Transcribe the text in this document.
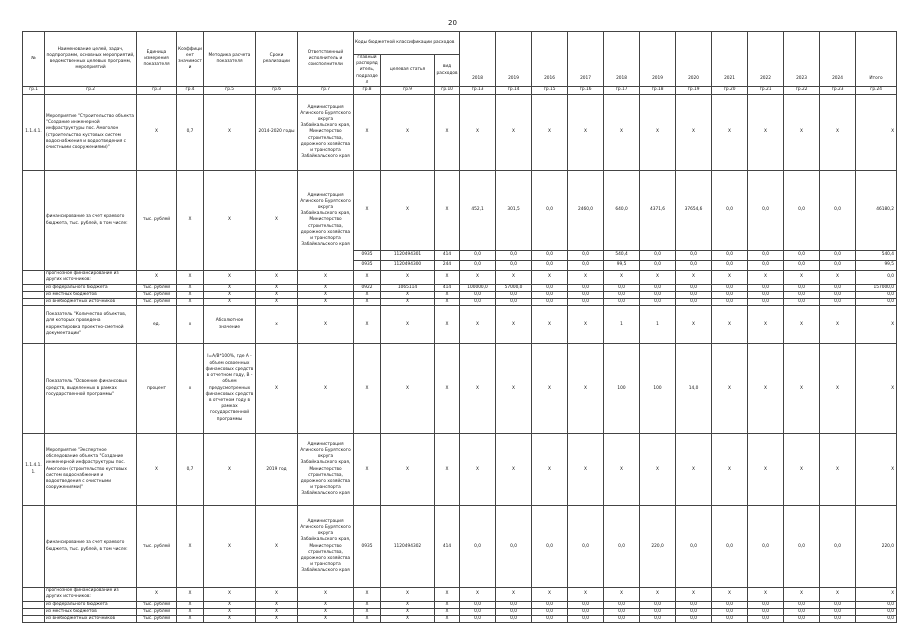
20
№	Наименование целей, задач, подпрограмм, основных мероприятий, ведомственных целевых программ, мероприятий	Единица измерения показателя	Коэффициент значимости	Методика расчета показателя	Сроки реализации	Ответственный исполнитель и соисполнители	Коды бюджетной классификации расходов			2018	2019	2016	2017	2018	2019	2020	2021	2022	2023	2024	Итого
							главный распорядитель, подраздел	целевая статья	вид расходов												

гр.1	гр.2	гр.3	гр.4	гр.5	гр.6	гр.7	гр.8	гр.9	гр.10	гр.13	гр.14	гр.15	гр.16	гр.17	гр.18	гр.19	гр.20	гр.21	гр.22	гр.23	гр.24
1.1.4.1.	Мероприятие "Строительство объекта "Создание инженерной инфраструктуры пос. Амоголон (строительство кустовых систем водоснабжения и водоотведения с очистными сооружениями)"	X	0,7	X	2014-2020 годы	Администрация Агинского Бурятского округа Забайкальского края, Министерство строительства, дорожного хозяйства и транспорта Забайкальского края	X	X	X	X	X	X	X	X	X	X	X	X	X	X	X
	финансирование за счет краевого бюджета, тыс. рублей, в том числе:	тыс. рублей	X	X	X	Администрация Агинского Бурятского округа Забайкальского края, Министерство строительства, дорожного хозяйства и транспорта Забайкальского края	X	X	X	452,1	301,5	0,0	2460,0	640,0	4371,6	37654,6	0,0	0,0	0,0	0,0	46180,2
							0935	1120494301	414	0,0	0,0	0,0	0,0	540,4	0,0	0,0	0,0	0,0	0,0	0,0	540,4
							0935	1120494300	244	0,0	0,0	0,0	0,0	99,5	0,0	0,0	0,0	0,0	0,0	0,0	99,5
	прогнозное финансирование из других источников:	X	X	X	X	X	X	X	X	X	X	X	X	X	X	X	X	X	X	X	0,0
	из федерального бюджета	тыс. рублей	X	X	X	X	0922	1065114	414	100000,0	57000,0	0,0	0,0	0,0	0,0	0,0	0,0	0,0	0,0	0,0	157000,0
	из местных бюджетов	тыс. рублей	X	X	X	X	X	X	X	0,0	0,0	0,0	0,0	0,0	0,0	0,0	0,0	0,0	0,0	0,0	0,0
	из внебюджетных источников	тыс. рублей	X	X	X	X	X	X	X	0,0	0,0	0,0	0,0	0,0	0,0	0,0	0,0	0,0	0,0	0,0	0,0
	Показатель "Количество объектов, для которых проведена корректировка проектно-сметной документации"	ед.	x	Абсолютное значение	x	X	X	X	X	X	X	X	X	1	1	X	X	X	X	X	X
	Показатель "Освоение финансовых средств, выделенных в рамках государственной программы"	процент	x	I=A/B*100%, где А - объем освоенных финансовых средств в отчетном году, В - объем предусмотренных финансовых средств в отчетном году в рамках государственной программы	X	X	X	X	X	X	X	X	X	100	100	14,0	X	X	X	X	X
1.1.4.1.1.	Мероприятие "Экспертное обследование объекта "Создание инженерной инфраструктуры пос. Амоголон (строительство кустовых систем водоснабжения и водоотведения с очистными сооружениями)"	X	0,7	X	2019 год	Администрация Агинского Бурятского округа Забайкальского края, Министерство строительства, дорожного хозяйства и транспорта Забайкальского края	X	X	X	X	X	X	X	X	X	X	X	X	X	X	X
	финансирование за счет краевого бюджета, тыс. рублей, в том числе:	тыс. рублей	X	X	X	Администрация Агинского Бурятского округа Забайкальского края, Министерство строительства, дорожного хозяйства и транспорта Забайкальского края	0935	1120494302	414	0,0	0,0	0,0	0,0	0,0	220,0	0,0	0,0	0,0	0,0	0,0	220,0
	прогнозное финансирование из других источников:	X	X	X	X	X	X	X	X	X	X	X	X	X	X	X	X	X	X	X	X
	из федерального бюджета	тыс. рублей	X	X	X	X	X	X	X	0,0	0,0	0,0	0,0	0,0	0,0	0,0	0,0	0,0	0,0	0,0	0,0
	из местных бюджетов	тыс. рублей	X	X	X	X	X	X	X	0,0	0,0	0,0	0,0	0,0	0,0	0,0	0,0	0,0	0,0	0,0	0,0
	из внебюджетных источников	тыс. рублей	X	X	X	X	X	X	X	0,0	0,0	0,0	0,0	0,0	0,0	0,0	0,0	0,0	0,0	0,0	0,0
